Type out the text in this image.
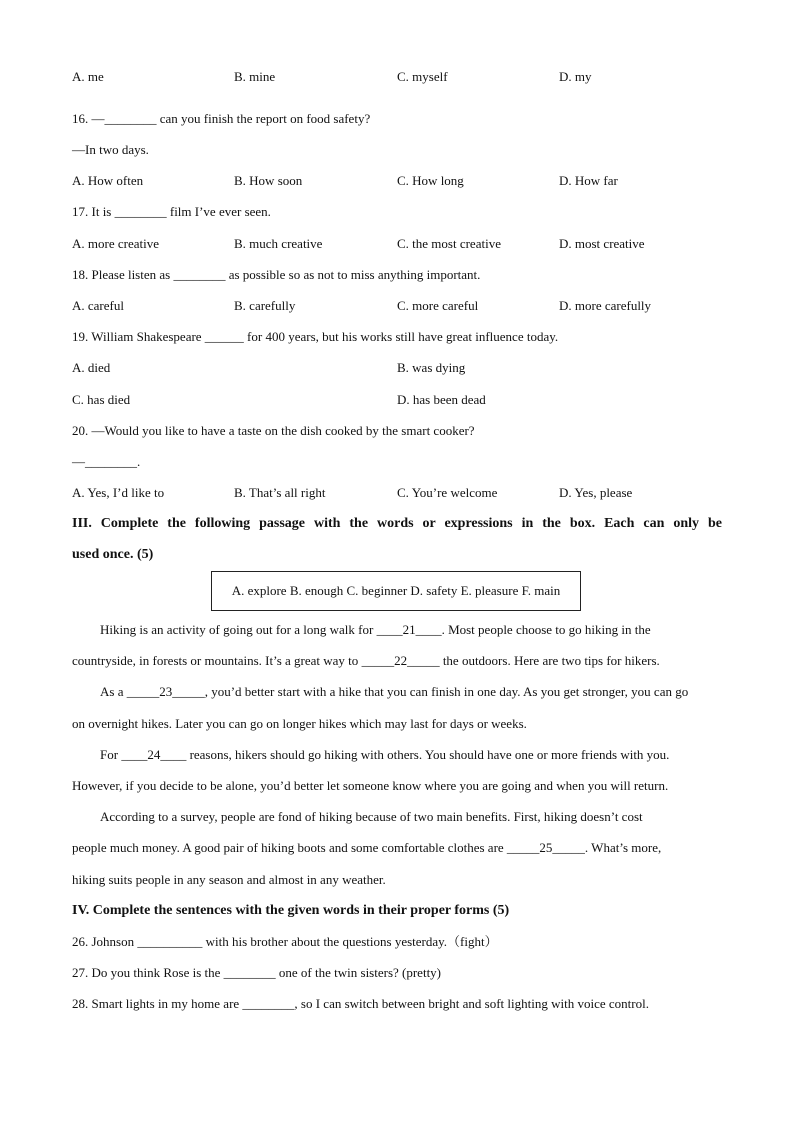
A. me	B. mine	C. myself	D. my
16. —________ can you finish the report on food safety?
—In two days.
A. How often	B. How soon	C. How long	D. How far
17. It is ________ film I’ve ever seen.
A. more creative	B. much creative	C. the most creative	D. most creative
18. Please listen as ________ as possible so as not to miss anything important.
A. careful	B. carefully	C. more careful	D. more carefully
19. William Shakespeare ______ for 400 years, but his works still have great influence today.
A. died	B. was dying
C. has died	D. has been dead
20. —Would you like to have a taste on the dish cooked by the smart cooker?
—________.
A. Yes, I’d like to	B. That’s all right	C. You’re welcome	D. Yes, please
III. Complete the following passage with the words or expressions in the box. Each can only be
used once. (5)
A. explore B. enough C. beginner D. safety E. pleasure F. main
Hiking is an activity of going out for a long walk for ____21____. Most people choose to go hiking in the
countryside, in forests or mountains. It’s a great way to _____22_____ the outdoors. Here are two tips for hikers.
As a _____23_____, you’d better start with a hike that you can finish in one day. As you get stronger, you can go
on overnight hikes. Later you can go on longer hikes which may last for days or weeks.
For ____24____ reasons, hikers should go hiking with others. You should have one or more friends with you.
However, if you decide to be alone, you’d better let someone know where you are going and when you will return.
According to a survey, people are fond of hiking because of two main benefits. First, hiking doesn’t cost
people much money. A good pair of hiking boots and some comfortable clothes are _____25_____. What’s more,
hiking suits people in any season and almost in any weather.
IV. Complete the sentences with the given words in their proper forms (5)
26. Johnson __________ with his brother about the questions yesterday.（fight）
27. Do you think Rose is the ________ one of the twin sisters? (pretty)
28. Smart lights in my home are ________, so I can switch between bright and soft lighting with voice control.
